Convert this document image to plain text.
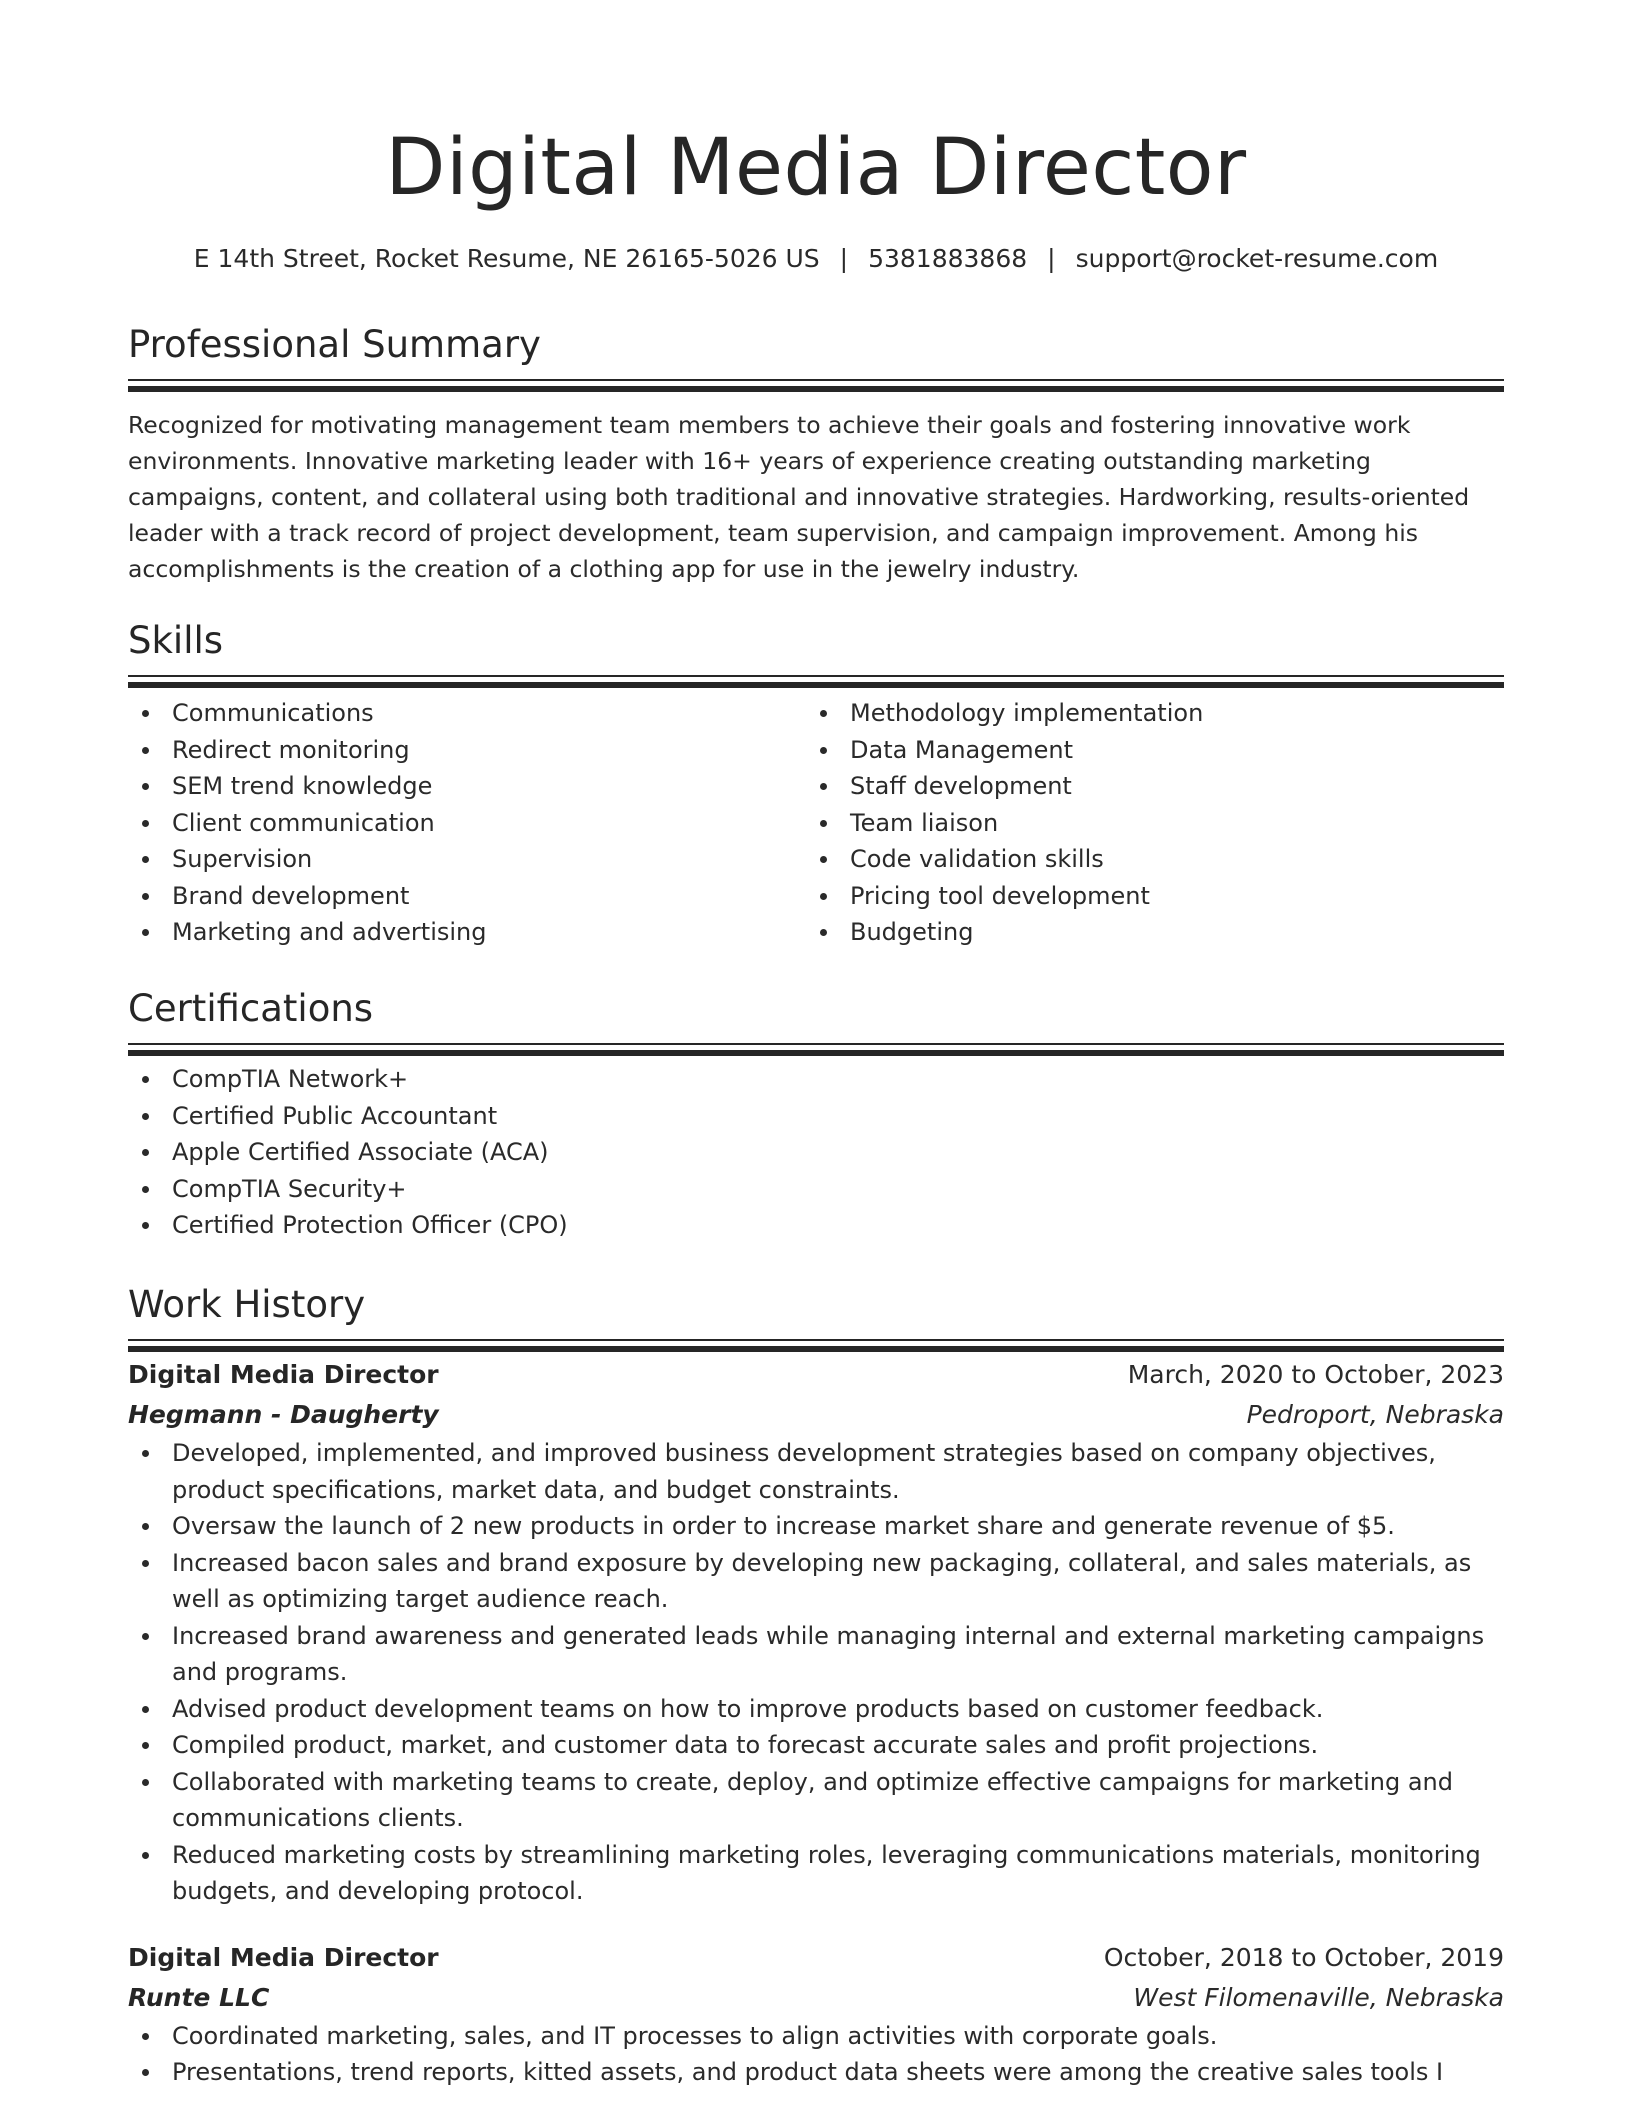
Digital Media Director
E 14th Street, Rocket Resume, NE 26165-5026 US | 5381883868 | support@rocket-resume.com
Professional Summary
Recognized for motivating management team members to achieve their goals and fostering innovative work environments. Innovative marketing leader with 16+ years of experience creating outstanding marketing campaigns, content, and collateral using both traditional and innovative strategies. Hardworking, results-oriented leader with a track record of project development, team supervision, and campaign improvement. Among his accomplishments is the creation of a clothing app for use in the jewelry industry.
Skills
Communications
Redirect monitoring
SEM trend knowledge
Client communication
Supervision
Brand development
Marketing and advertising
Methodology implementation
Data Management
Staff development
Team liaison
Code validation skills
Pricing tool development
Budgeting
Certifications
CompTIA Network+
Certified Public Accountant
Apple Certified Associate (ACA)
CompTIA Security+
Certified Protection Officer (CPO)
Work History
Digital Media Director	March, 2020 to October, 2023
Hegmann - Daugherty	Pedroport, Nebraska
Developed, implemented, and improved business development strategies based on company objectives, product specifications, market data, and budget constraints.
Oversaw the launch of 2 new products in order to increase market share and generate revenue of $5.
Increased bacon sales and brand exposure by developing new packaging, collateral, and sales materials, as well as optimizing target audience reach.
Increased brand awareness and generated leads while managing internal and external marketing campaigns and programs.
Advised product development teams on how to improve products based on customer feedback.
Compiled product, market, and customer data to forecast accurate sales and profit projections.
Collaborated with marketing teams to create, deploy, and optimize effective campaigns for marketing and communications clients.
Reduced marketing costs by streamlining marketing roles, leveraging communications materials, monitoring budgets, and developing protocol.
Digital Media Director	October, 2018 to October, 2019
Runte LLC	West Filomenaville, Nebraska
Coordinated marketing, sales, and IT processes to align activities with corporate goals.
Presentations, trend reports, kitted assets, and product data sheets were among the creative sales tools I
